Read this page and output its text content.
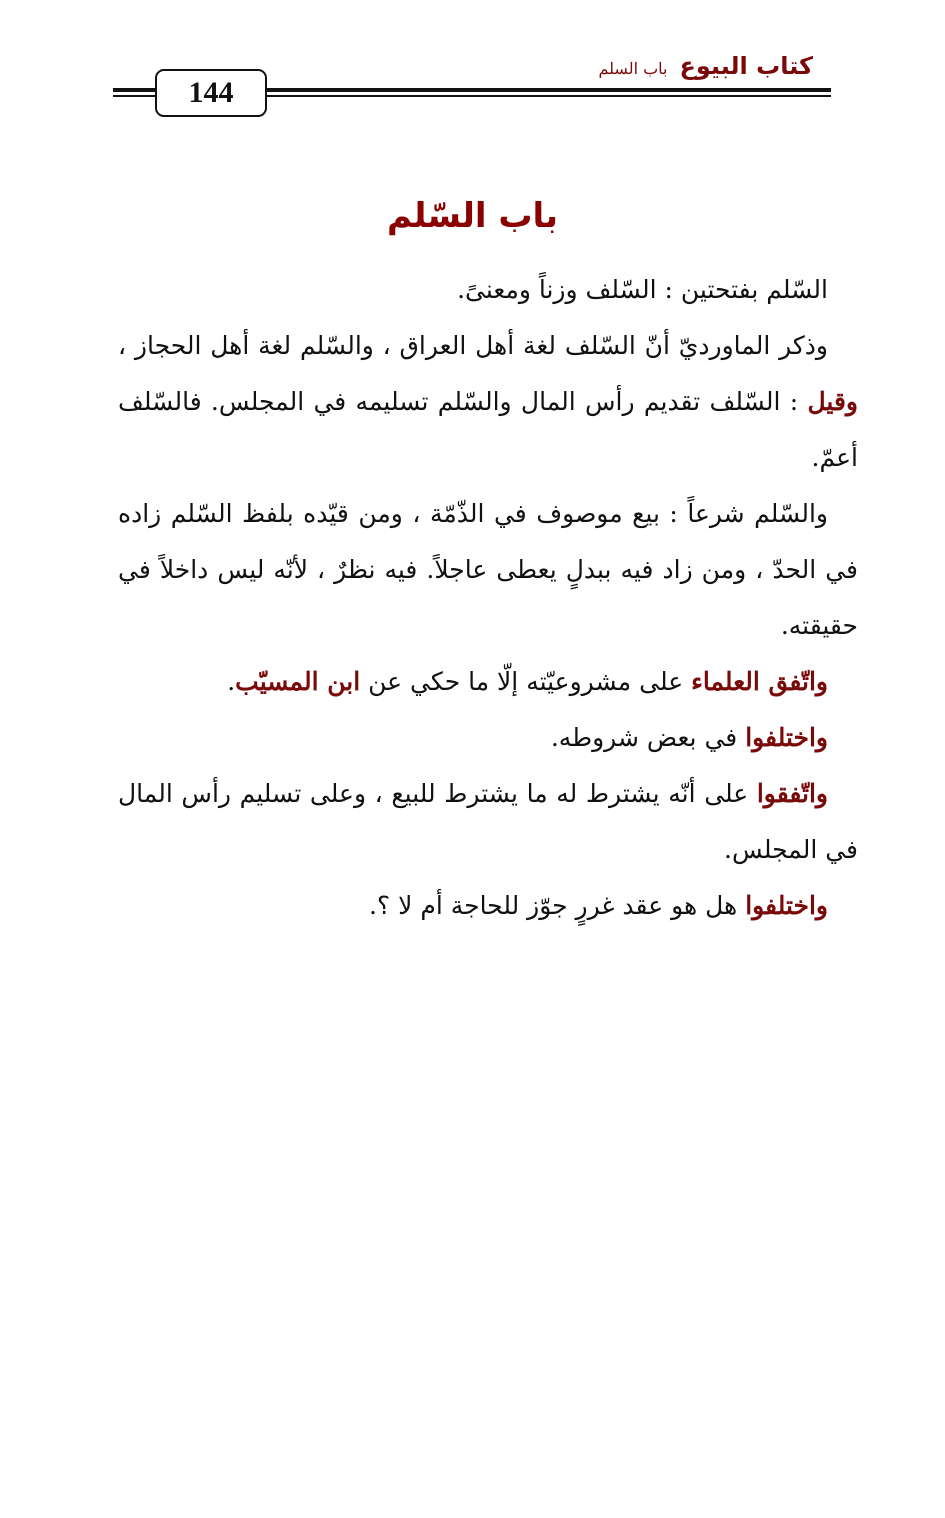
144
كتاب البيوع
باب السلم
باب السّلم

السّلم بفتحتين : السّلف وزناً ومعنىً.

وذكر الماورديّ أنّ السّلف لغة أهل العراق ، والسّلم لغة أهل الحجاز ، وقيل : السّلف تقديم رأس المال والسّلم تسليمه في المجلس. فالسّلف أعمّ.

والسّلم شرعاً : بيع موصوف في الذّمّة ، ومن قيّده بلفظ السّلم زاده في الحدّ ، ومن زاد فيه ببدلٍ يعطى عاجلاً. فيه نظرٌ ، لأنّه ليس داخلاً في حقيقته.

واتّفق العلماء على مشروعيّته إلّا ما حكي عن ابن المسيّب.

واختلفوا في بعض شروطه.

واتّفقوا على أنّه يشترط له ما يشترط للبيع ، وعلى تسليم رأس المال في المجلس.

واختلفوا هل هو عقد غررٍ جوّز للحاجة أم لا ؟.
